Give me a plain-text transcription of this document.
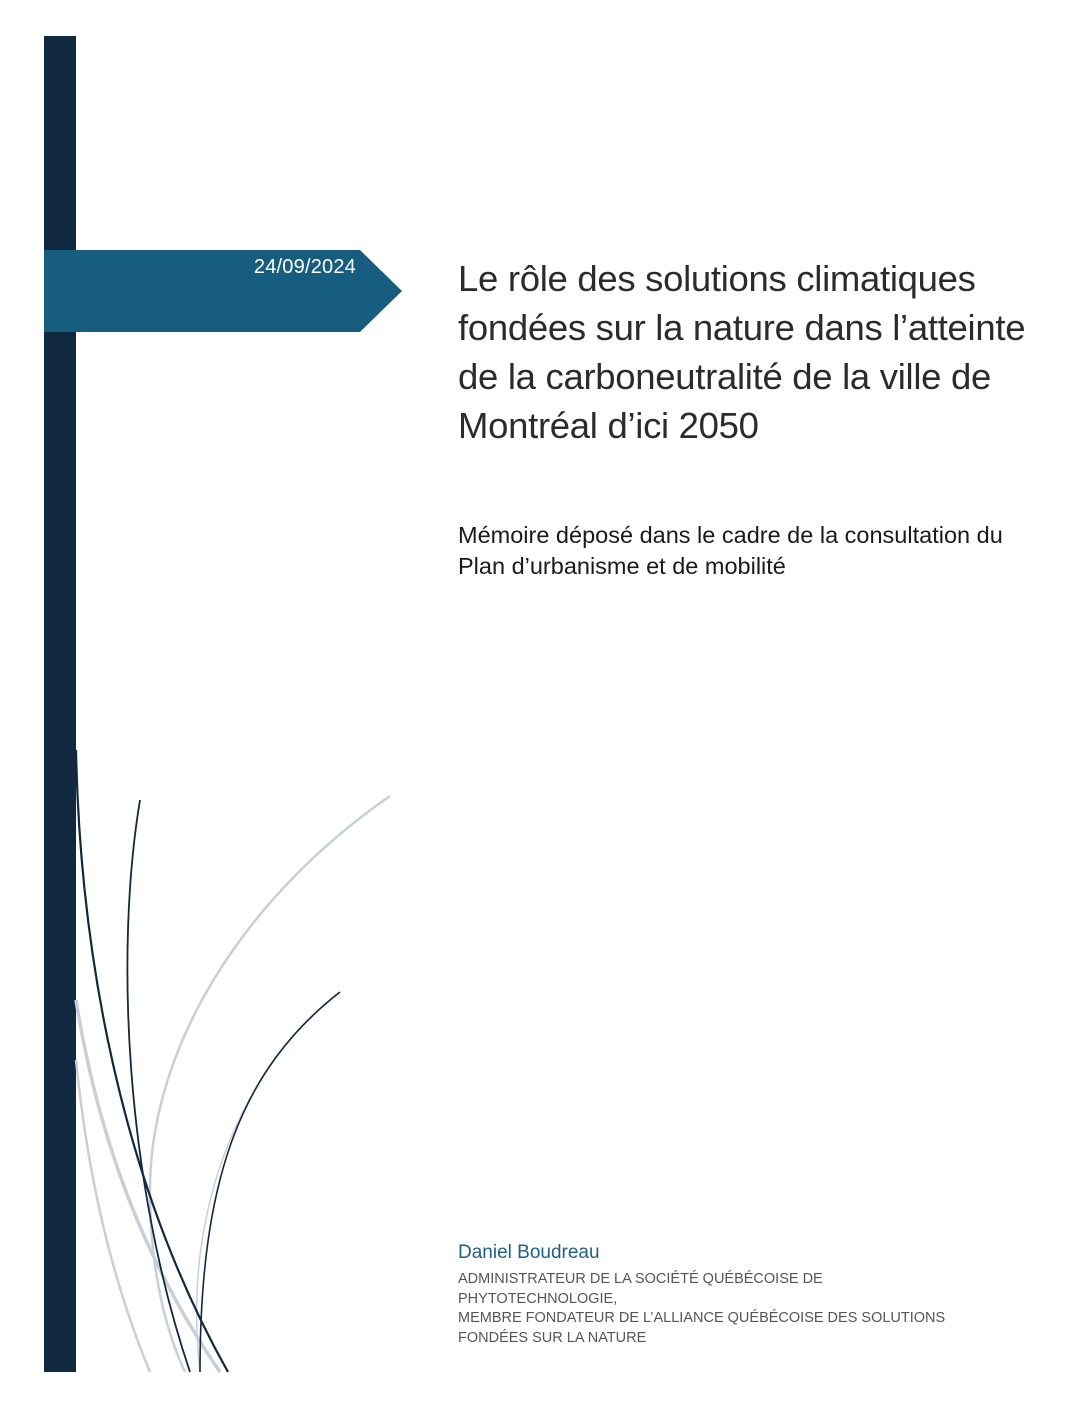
24/09/2024	Le rôle des solutions climatiques fondées sur la nature dans l’atteinte de la carboneutralité de la ville de Montréal d’ici 2050

Mémoire déposé dans le cadre de la consultation du Plan d’urbanisme et de mobilité

Daniel Boudreau
ADMINISTRATEUR DE LA SOCIÉTÉ QUÉBÉCOISE DE PHYTOTECHNOLOGIE,
MEMBRE FONDATEUR DE L’ALLIANCE QUÉBÉCOISE DES SOLUTIONS FONDÉES SUR LA NATURE
